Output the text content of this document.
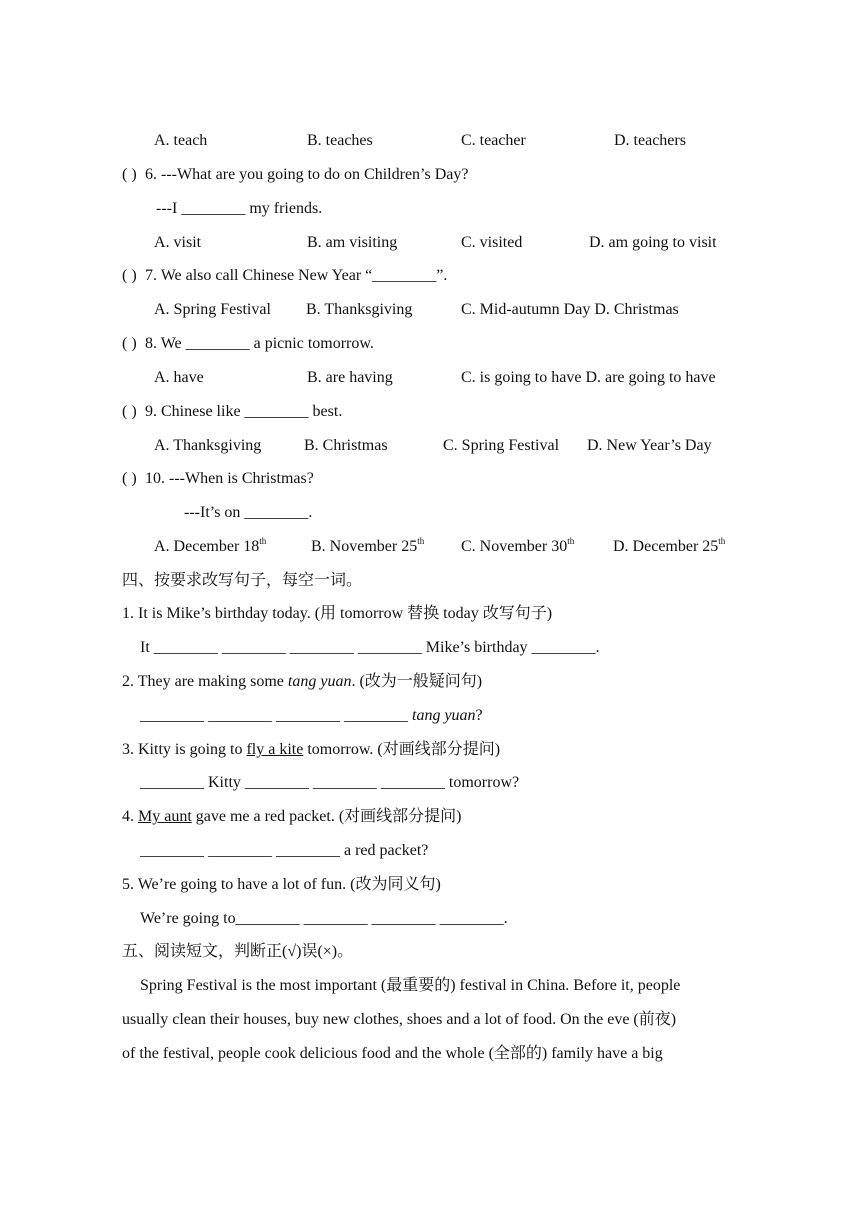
A. teach	B. teaches	C. teacher	D. teachers
( ) 6. ---What are you going to do on Children’s Day?
---I ________ my friends.
A. visit	B. am visiting	C. visited	D. am going to visit
( ) 7. We also call Chinese New Year “________”.
A. Spring Festival B. Thanksgiving	C. Mid-autumn Day D. Christmas
( ) 8. We ________ a picnic tomorrow.
A. have	B. are having	C. is going to have D. are going to have
( ) 9. Chinese like ________ best.
A. Thanksgiving	B. Christmas	C. Spring Festival D. New Year’s Day
( ) 10. ---When is Christmas?
---It’s on ________.
A. December 18th	B. November 25th C. November 30th D. December 25th
四、按要求改写句子，每空一词。
1. It is Mike’s birthday today. (用 tomorrow 替换 today 改写句子)
It ________ ________ ________ ________ Mike’s birthday ________.
2. They are making some tang yuan. (改为一般疑问句)
________ ________ ________ ________ tang yuan?
3. Kitty is going to fly a kite tomorrow. (对画线部分提问)
________ Kitty ________ ________ ________ tomorrow?
4. My aunt gave me a red packet. (对画线部分提问)
________ ________ ________ a red packet?
5. We’re going to have a lot of fun. (改为同义句)
We’re going to________ ________ ________ ________.
五、阅读短文，判断正(√)误(×)。
Spring Festival is the most important (最重要的) festival in China. Before it, people
usually clean their houses, buy new clothes, shoes and a lot of food. On the eve (前夜)
of the festival, people cook delicious food and the whole (全部的) family have a big
